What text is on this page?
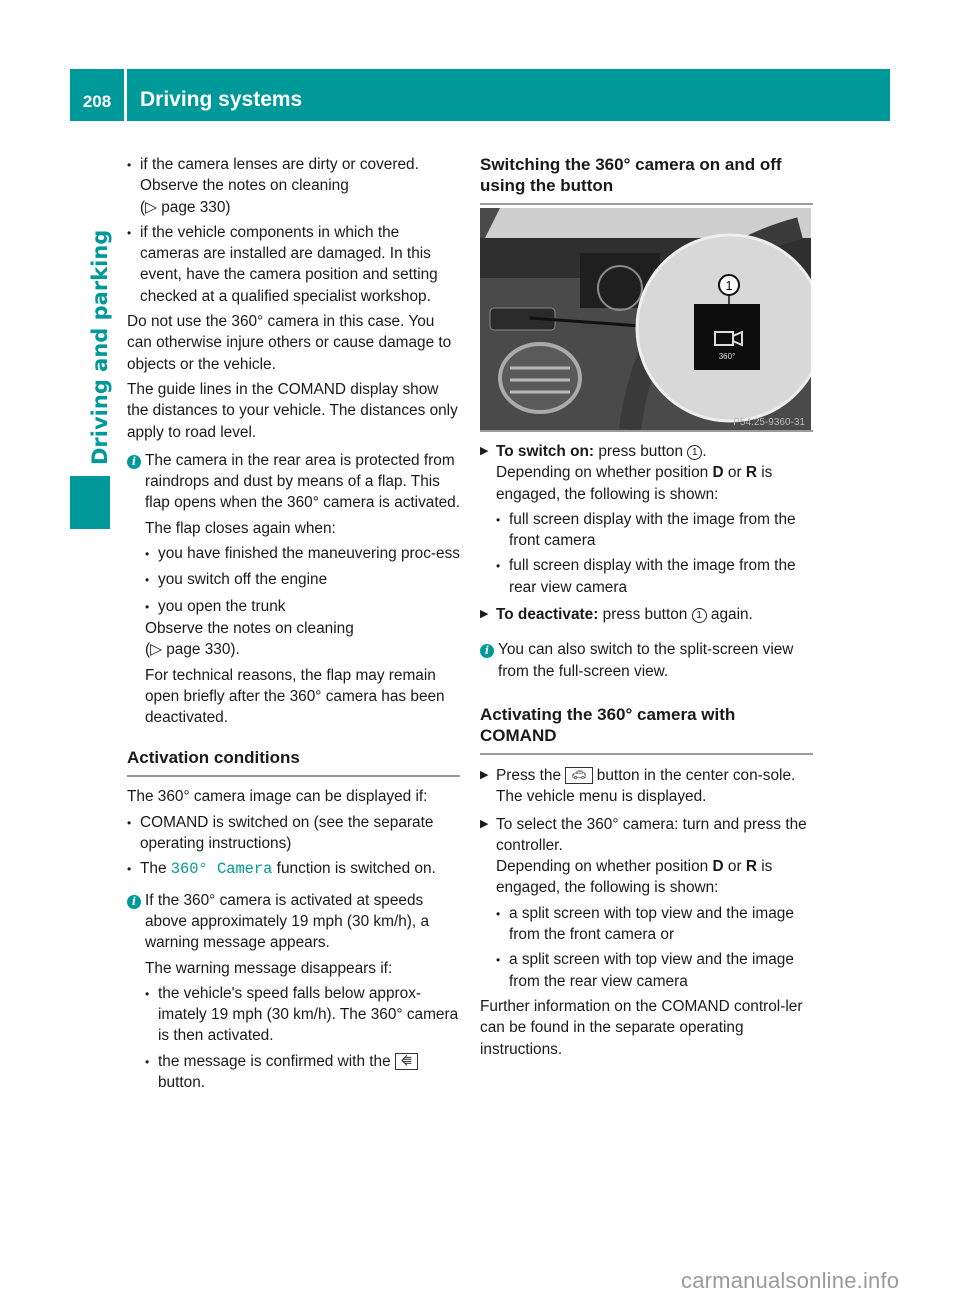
208	Driving systems
Driving and parking
•

if the camera lenses are dirty or covered.

Observe the notes on cleaning

(▷ page 330)

•

if the vehicle components in which the cameras are installed are damaged. In this event, have the camera position and setting checked at a qualified specialist workshop.

Do not use the 360° camera in this case. You can otherwise injure others or cause damage to objects or the vehicle.

The guide lines in the COMAND display show the distances to your vehicle. The distances only apply to road level.

i The camera in the rear area is protected from raindrops and dust by means of a flap. This flap opens when the 360° camera is activated.

The flap closes again when:

•

you have finished the maneuvering proc-ess

•

you switch off the engine

•

you open the trunk

Observe the notes on cleaning

(▷ page 330).

For technical reasons, the flap may remain open briefly after the 360° camera has been deactivated.

Activation conditions

The 360° camera image can be displayed if:

•

COMAND is switched on (see the separate operating instructions)

•

The 360° Camera function is switched on.

i If the 360° camera is activated at speeds above approximately 19 mph (30 km/h), a warning message appears.

The warning message disappears if:

•

the vehicle's speed falls below approx-imately 19 mph (30 km/h). The 360° camera is then activated.

•

the message is confirmed with the ⭅
button.

Switching the 360° camera on and off using the button
1
360°
P54.25-9360-31
▶ To switch on: press button 1 .

Depending on whether position D or R is engaged, the following is shown:

•

full screen display with the image from the front camera

•

full screen display with the image from the rear view camera

▶ To deactivate: press button 1 again.

i You can also switch to the split-screen view from the full-screen view.

Activating the 360° camera with COMAND
▶ Press the 🚗︎ button in the center con-sole.

The vehicle menu is displayed.

▶ To select the 360° camera: turn and press the controller.

Depending on whether position D or R is engaged, the following is shown:

•

a split screen with top view and the image from the front camera or

•

a split screen with top view and the image from the rear view camera

Further information on the COMAND control-ler can be found in the separate operating instructions.

carmanualsonline.info
